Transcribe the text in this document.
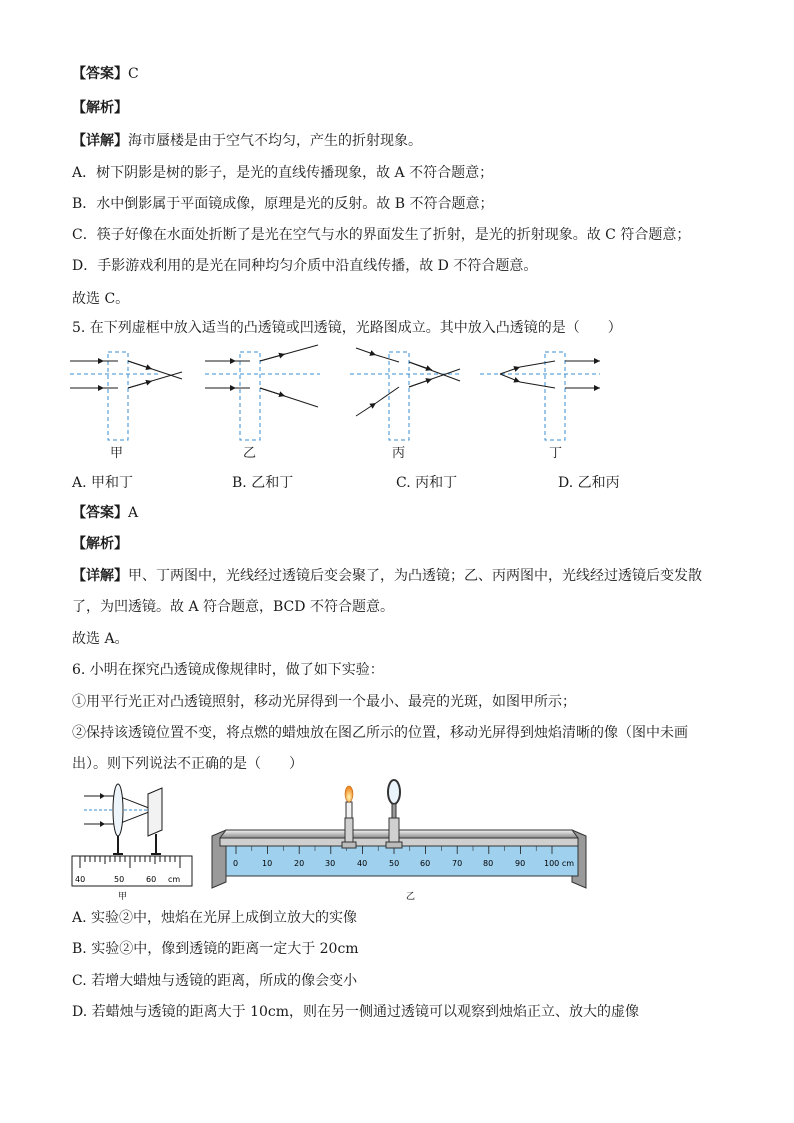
【答案】C
【解析】
【详解】海市蜃楼是由于空气不均匀，产生的折射现象。
A．树下阴影是树的影子，是光的直线传播现象，故 A 不符合题意；
B．水中倒影属于平面镜成像，原理是光的反射。故 B 不符合题意；
C．筷子好像在水面处折断了是光在空气与水的界面发生了折射，是光的折射现象。故 C 符合题意；
D．手影游戏利用的是光在同种均匀介质中沿直线传播，故 D 不符合题意。
故选 C。
5. 在下列虚框中放入适当的凸透镜或凹透镜，光路图成立。其中放入凸透镜的是（　　）
甲	乙	丙	丁
A. 甲和丁	B. 乙和丁	C. 丙和丁	D. 乙和丙
【答案】A
【解析】
【详解】甲、丁两图中，光线经过透镜后变会聚了，为凸透镜；乙、丙两图中，光线经过透镜后变发散
了，为凹透镜。故 A 符合题意，BCD 不符合题意。
故选 A。
6. 小明在探究凸透镜成像规律时，做了如下实验：
①用平行光正对凸透镜照射，移动光屏得到一个最小、最亮的光斑，如图甲所示；
②保持该透镜位置不变，将点燃的蜡烛放在图乙所示的位置，移动光屏得到烛焰清晰的像（图中未画
出）。则下列说法不正确的是（　　）
40	50	60 cm
甲
0	10	20	30	40	50	60	70	80	90 100 cm
乙
A. 实验②中，烛焰在光屏上成倒立放大的实像
B. 实验②中，像到透镜的距离一定大于 20cm
C. 若增大蜡烛与透镜的距离，所成的像会变小
D. 若蜡烛与透镜的距离大于 10cm，则在另一侧通过透镜可以观察到烛焰正立、放大的虚像
